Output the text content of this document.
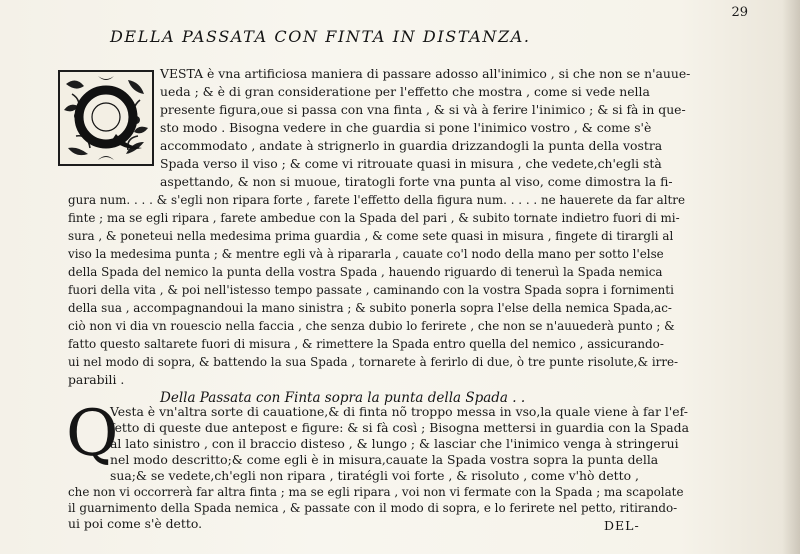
29
DELLA PASSATA CON FINTA IN DISTANZA.
VESTA è vna artificiosa maniera di passare adosso all'inimico , si che non se n'auue-
ueda ; & è di gran consideratione per l'effetto che mostra , come si vede nella
presente figura,oue si passa con vna finta , & si và à ferire l'inimico ; & si fà in que-
sto modo . Bisogna vedere in che guardia si pone l'inimico vostro , & come s'è
accommodato , andate à strignerlo in guardia drizzandogli la punta della vostra
Spada verso il viso ; & come vi ritrouate quasi in misura , che vedete,ch'egli stà
aspettando, & non si muoue, tiratogli forte vna punta al viso, come dimostra la fi-
gura num. . . . & s'egli non ripara forte , farete l'effetto della figura num. . . . . ne hauerete da far altre
finte ; ma se egli ripara , farete ambedue con la Spada del pari , & subito tornate indietro fuori di mi-
sura , & poneteui nella medesima prima guardia , & come sete quasi in misura , fingete di tirargli al
viso la medesima punta ; & mentre egli và à ripararla , cauate co'l nodo della mano per sotto l'else
della Spada del nemico la punta della vostra Spada , hauendo riguardo di teneruì la Spada nemica
fuori della vita , & poi nell'istesso tempo passate , caminando con la vostra Spada sopra i fornimenti
della sua , accompagnandoui la mano sinistra ; & subito ponerla sopra l'else della nemica Spada,ac-
ciò non vi dia vn rouescio nella faccia , che senza dubio lo ferirete , che non se n'auuederà punto ; &
fatto questo saltarete fuori di misura , & rimettere la Spada entro quella del nemico , assicurando-
ui nel modo di sopra, & battendo la sua Spada , tornarete à ferirlo di due, ò tre punte risolute,& irre-
parabili .
Della Passata con Finta sopra la punta della Spada . .
Q
Vesta è vn'altra sorte di cauatione,& di finta nõ troppo messa in vso,la quale viene à far l'ef-
fetto di queste due antepost e figure: & si fà così ; Bisogna mettersi in guardia con la Spada
al lato sinistro , con il braccio disteso , & lungo ; & lasciar che l'inimico venga à stringerui
nel modo descritto;& come egli è in misura,cauate la Spada vostra sopra la punta della
sua;& se vedete,ch'egli non ripara , tiratégli voi forte , & risoluto , come v'hò detto ,
che non vi occorrerà far altra finta ; ma se egli ripara , voi non vi fermate con la Spada ; ma scapolate
il guarnimento della Spada nemica , & passate con il modo di sopra, e lo ferirete nel petto, ritirando-
ui poi come s'è detto.	DEL-
